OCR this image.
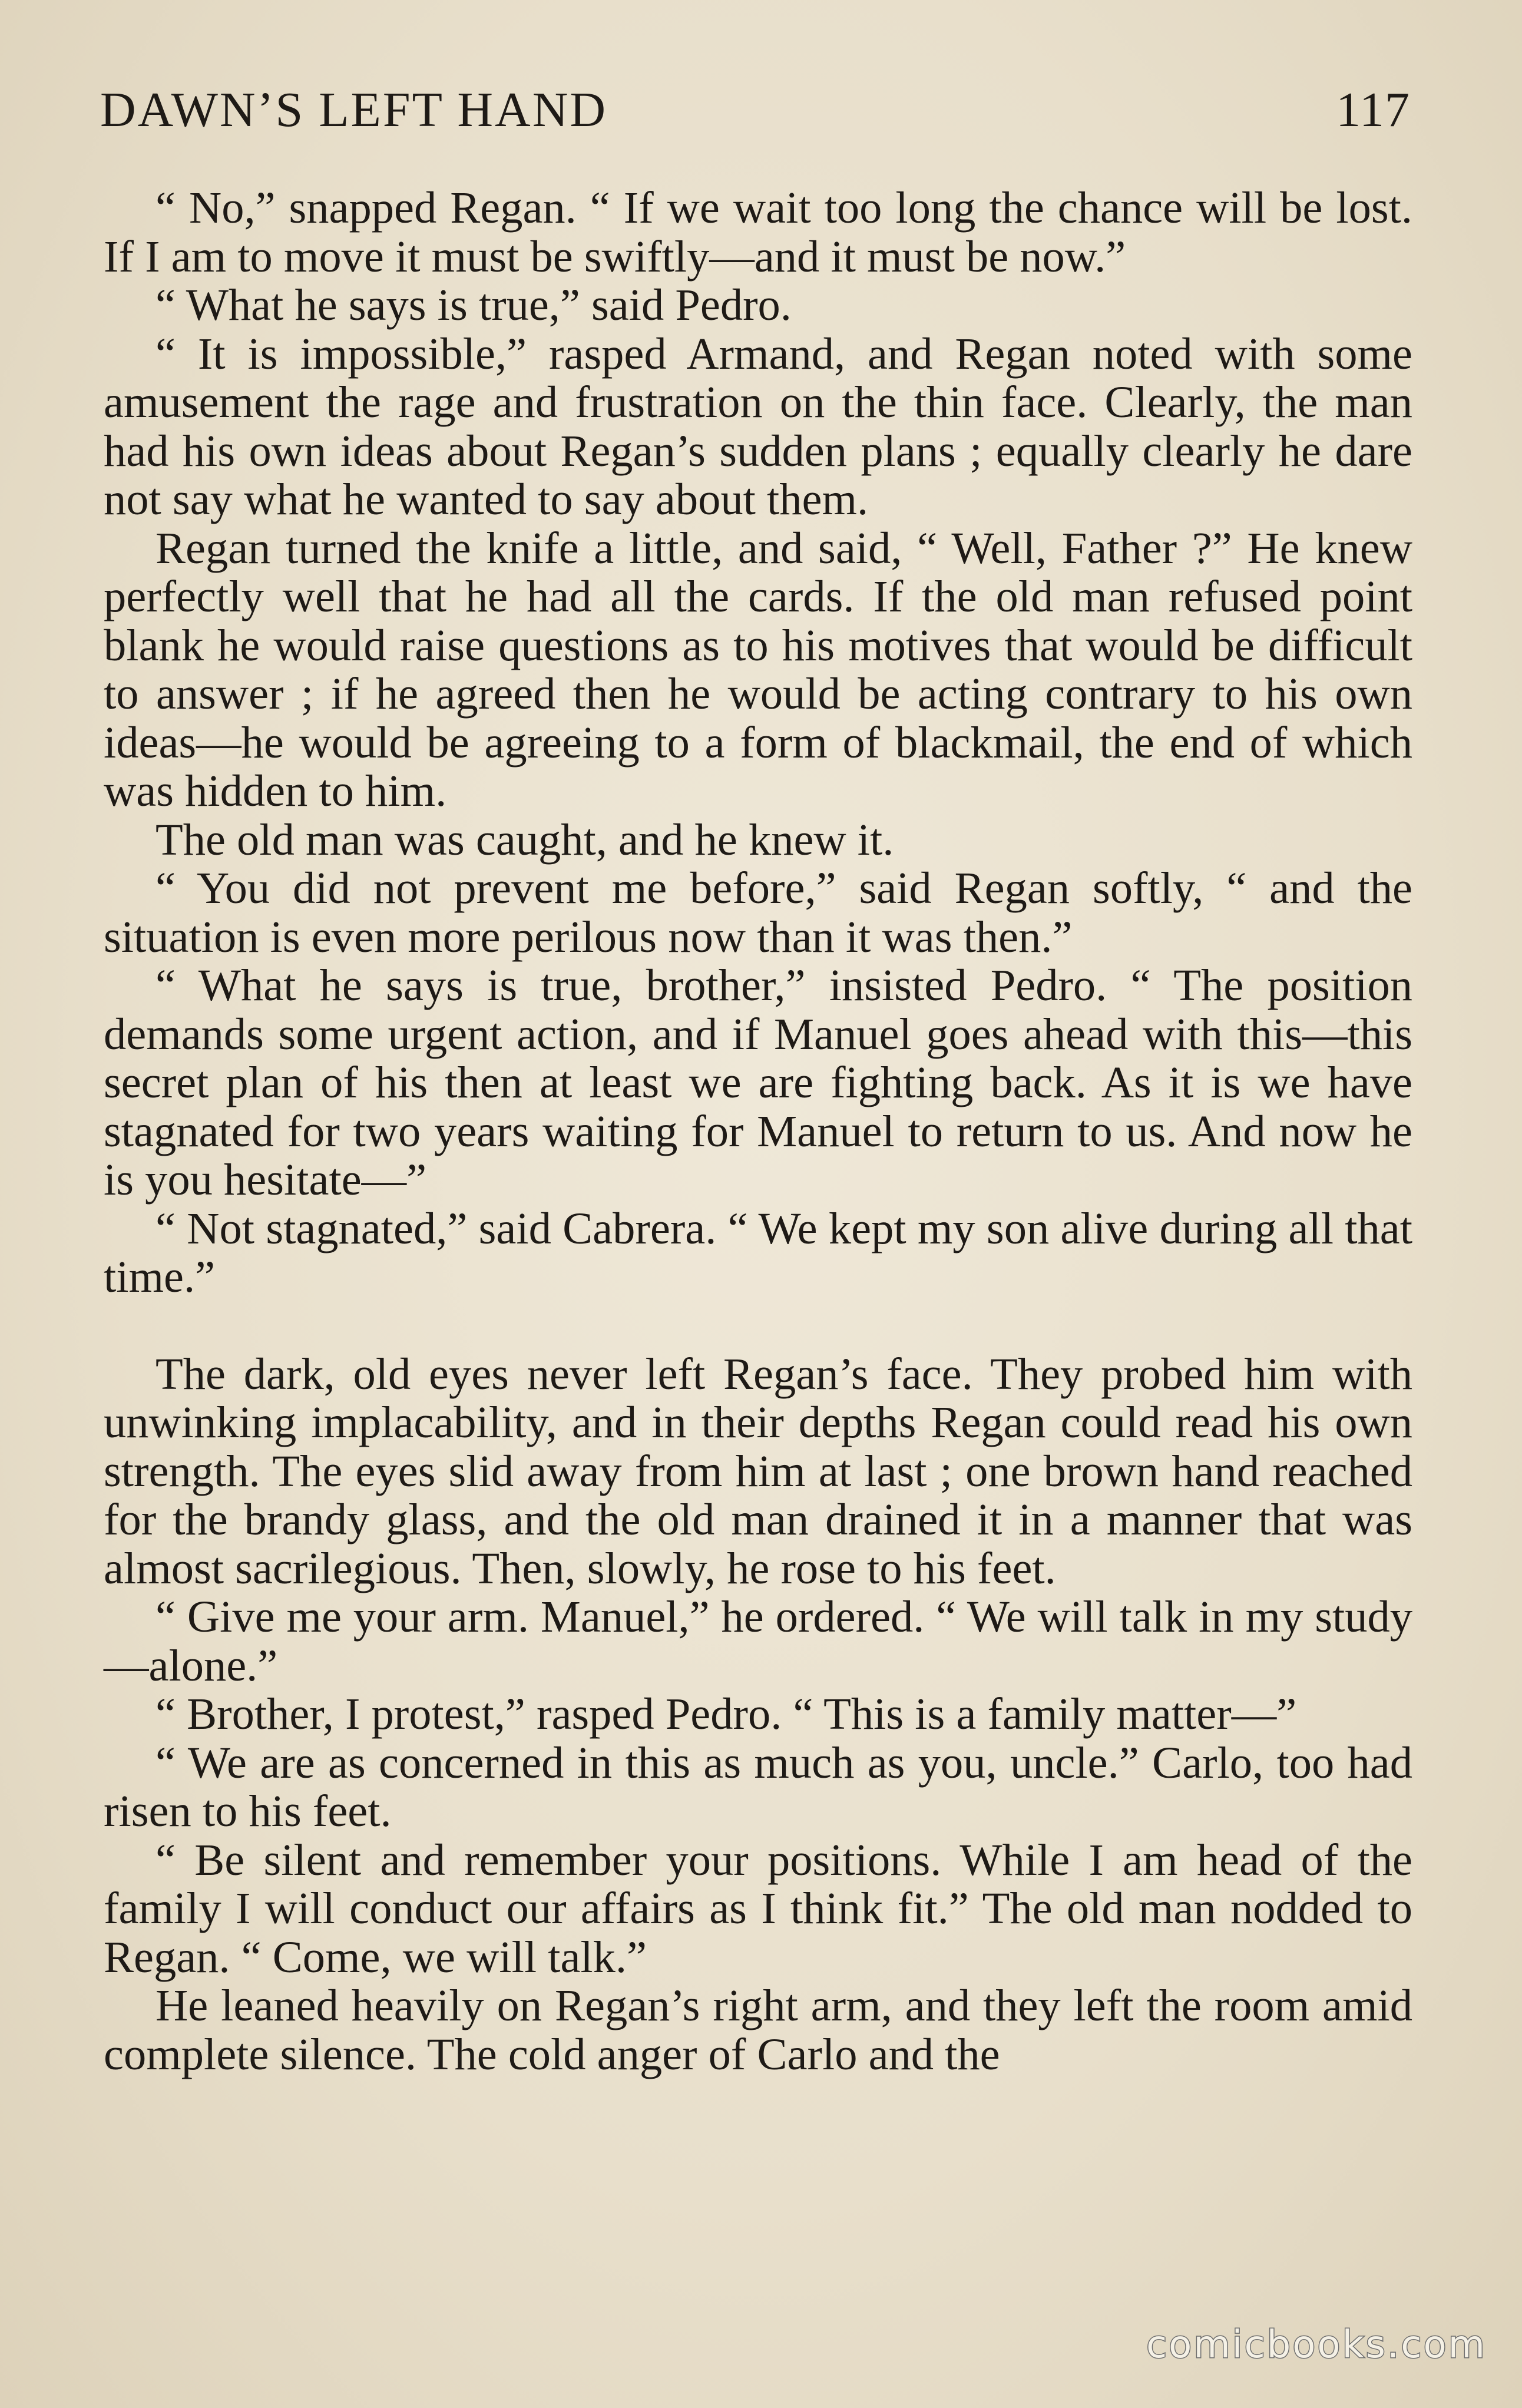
DAWN’S LEFT HAND	117

“ No,” snapped Regan. “ If we wait too long the chance will be lost. If I am to move it must be swiftly—and it must be now.”

“ What he says is true,” said Pedro.

“ It is impossible,” rasped Armand, and Regan noted with some amusement the rage and frustration on the thin face. Clearly, the man had his own ideas about Regan’s sudden plans ; equally clearly he dare not say what he wanted to say about them.

Regan turned the knife a little, and said, “ Well, Father ?” He knew perfectly well that he had all the cards. If the old man refused point blank he would raise questions as to his motives that would be difficult to answer ; if he agreed then he would be acting contrary to his own ideas—he would be agreeing to a form of blackmail, the end of which was hidden to him.

The old man was caught, and he knew it.

“ You did not prevent me before,” said Regan softly, “ and the situation is even more perilous now than it was then.”

“ What he says is true, brother,” insisted Pedro. “ The position demands some urgent action, and if Manuel goes ahead with this—this secret plan of his then at least we are fighting back. As it is we have stagnated for two years waiting for Manuel to return to us. And now he is you hesitate—”

“ Not stagnated,” said Cabrera. “ We kept my son alive during all that time.”

The dark, old eyes never left Regan’s face. They probed him with unwinking implacability, and in their depths Regan could read his own strength. The eyes slid away from him at last ; one brown hand reached for the brandy glass, and the old man drained it in a manner that was almost sacrilegious. Then, slowly, he rose to his feet.

“ Give me your arm. Manuel,” he ordered. “ We will talk in my study—alone.”

“ Brother, I protest,” rasped Pedro. “ This is a family matter—”

“ We are as concerned in this as much as you, uncle.” Carlo, too had risen to his feet.

“ Be silent and remember your positions. While I am head of the family I will conduct our affairs as I think fit.” The old man nodded to Regan. “ Come, we will talk.”

He leaned heavily on Regan’s right arm, and they left the room amid complete silence. The cold anger of Carlo and the

comicbooks.com
